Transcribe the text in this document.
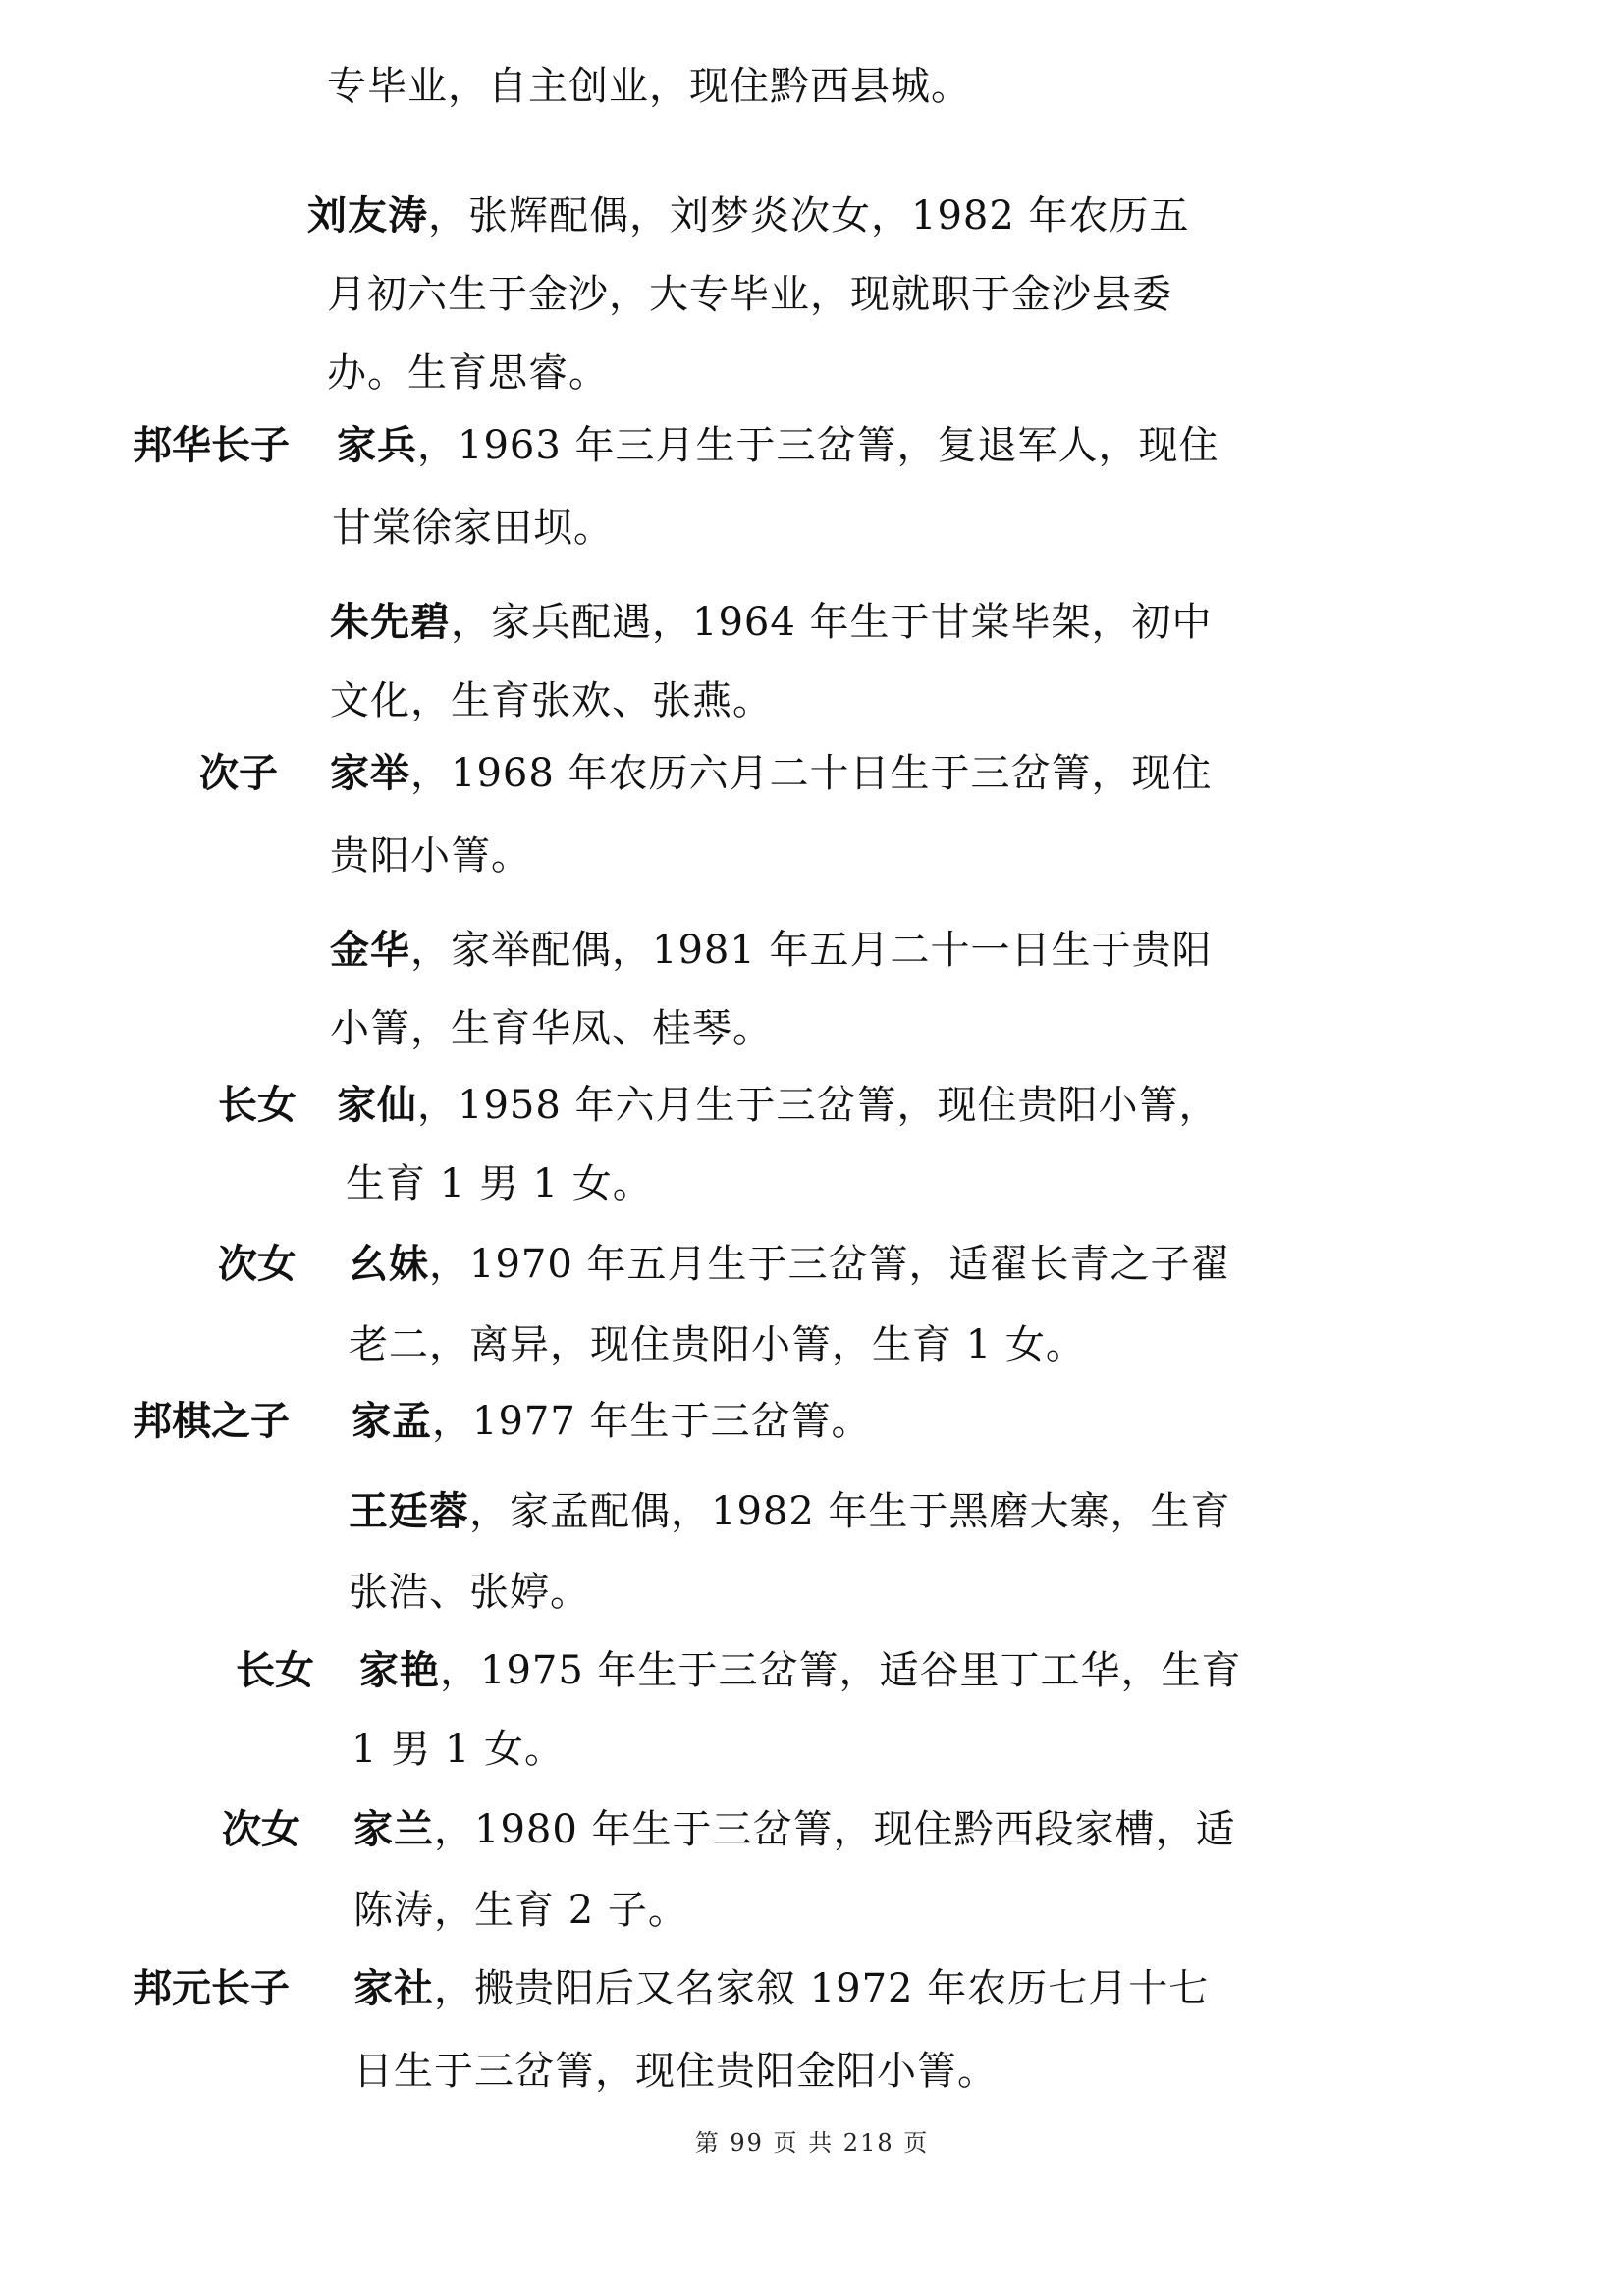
专毕业，自主创业，现住黔西县城。
刘友涛，张辉配偶，刘梦炎次女，1982 年农历五
月初六生于金沙，大专毕业，现就职于金沙县委
办。生育思睿。
邦华长子 家兵，1963 年三月生于三岔箐，复退军人，现住
甘棠徐家田坝。
朱先碧，家兵配遇，1964 年生于甘棠毕架，初中
文化，生育张欢、张燕。
次子 家举，1968 年农历六月二十日生于三岔箐，现住
贵阳小箐。
金华，家举配偶，1981 年五月二十一日生于贵阳
小箐，生育华凤、桂琴。
长女 家仙，1958 年六月生于三岔箐，现住贵阳小箐，
生育 1 男 1 女。
次女 幺妹，1970 年五月生于三岔箐，适翟长青之子翟
老二，离异，现住贵阳小箐，生育 1 女。
邦棋之子 家孟，1977 年生于三岔箐。
王廷蓉，家孟配偶，1982 年生于黑磨大寨，生育
张浩、张婷。
长女 家艳，1975 年生于三岔箐，适谷里丁工华，生育
1 男 1 女。
次女 家兰，1980 年生于三岔箐，现住黔西段家槽，适
陈涛，生育 2 子。
邦元长子 家社，搬贵阳后又名家叙 1972 年农历七月十七
日生于三岔箐，现住贵阳金阳小箐。
第 99 页 共 218 页
